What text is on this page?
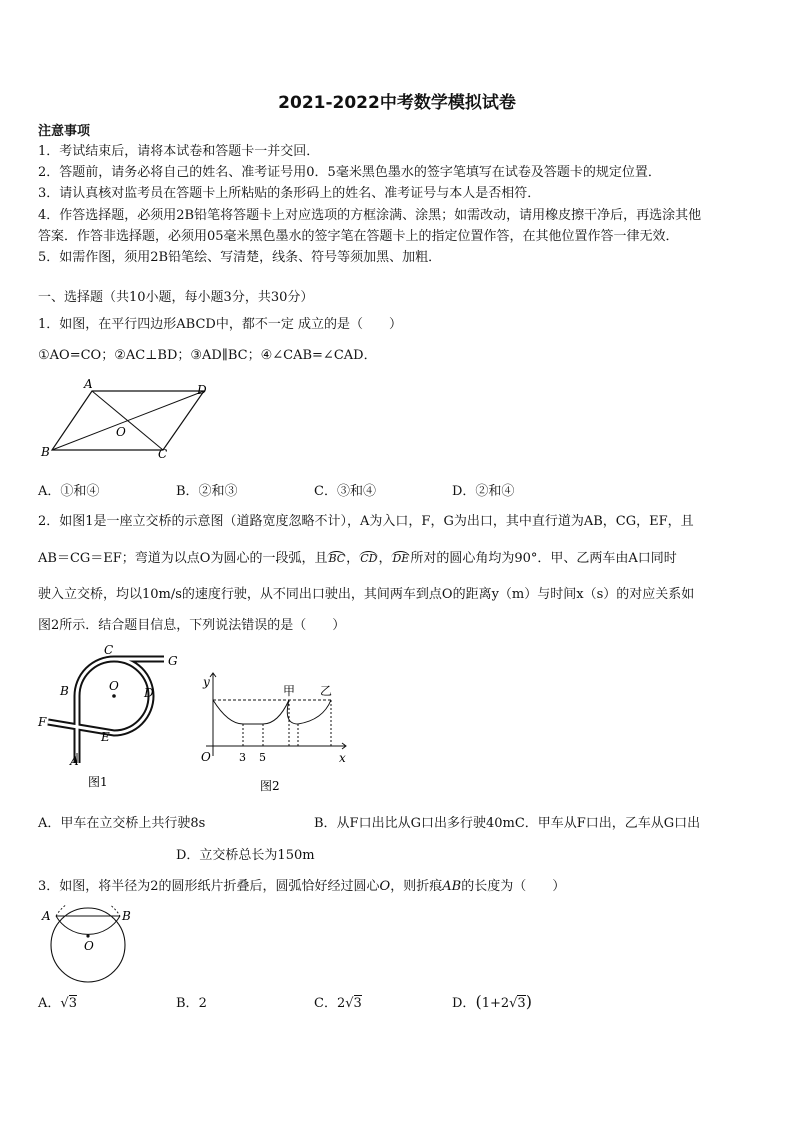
2021-2022中考数学模拟试卷
注意事项
1．考试结束后，请将本试卷和答题卡一并交回．
2．答题前，请务必将自己的姓名、准考证号用0．5毫米黑色墨水的签字笔填写在试卷及答题卡的规定位置．
3．请认真核对监考员在答题卡上所粘贴的条形码上的姓名、准考证号与本人是否相符．
4．作答选择题，必须用2B铅笔将答题卡上对应选项的方框涂满、涂黑；如需改动，请用橡皮擦干净后，再选涂其他
答案．作答非选择题，必须用05毫米黑色墨水的签字笔在答题卡上的指定位置作答，在其他位置作答一律无效．
5．如需作图，须用2B铅笔绘、写清楚，线条、符号等须加黑、加粗．
一、选择题（共10小题，每小题3分，共30分）
1．如图，在平行四边形ABCD中，都不一定 成立的是（　　）
①AO=CO；②AC⊥BD；③AD∥BC；④∠CAB=∠CAD．
A	D
B	C
O
A．①和④	B．②和③	C．③和④	D．②和④
2．如图1是一座立交桥的示意图（道路宽度忽略不计），A为入口，F，G为出口，其中直行道为AB，CG，EF，且
AB＝CG＝EF；弯道为以点O为圆心的一段弧，且BC，CD，DE所对的圆心角均为90°．甲、乙两车由A口同时
驶入立交桥，均以10m/s的速度行驶，从不同出口驶出，其间两车到点O的距离y（m）与时间x（s）的对应关系如
图2所示．结合题目信息，下列说法错误的是（　　）
C
G
B	O D
F
E
A
图1
y
x
O	3 5
甲 乙
图2
A．甲车在立交桥上共行驶8s	B．从F口出比从G口出多行驶40mC．甲车从F口出，乙车从G口出
D．立交桥总长为150m
3．如图，将半径为2的圆形纸片折叠后，圆弧恰好经过圆心O，则折痕AB的长度为（　　）
A	B
O
A．√3	B．2	C．2√3	D．(1+2√3)
